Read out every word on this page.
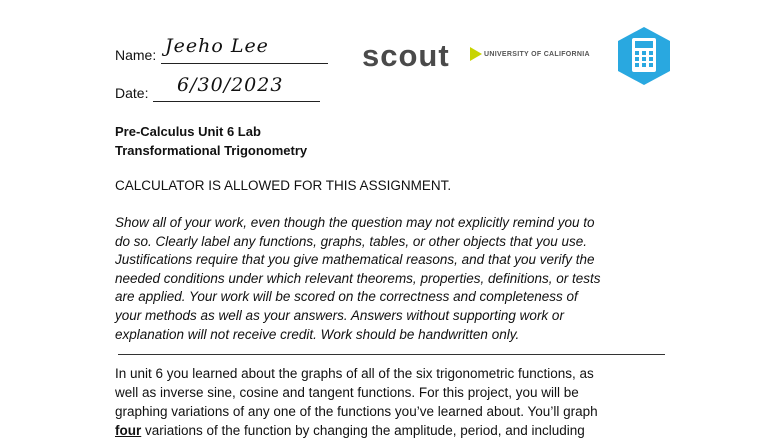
Name: Jeeho Lee
Date: 6/30/2023
scout	UNIVERSITY OF CALIFORNIA
Pre-Calculus Unit 6 Lab
Transformational Trigonometry
CALCULATOR IS ALLOWED FOR THIS ASSIGNMENT.
Show all of your work, even though the question may not explicitly remind you to
do so. Clearly label any functions, graphs, tables, or other objects that you use.
Justifications require that you give mathematical reasons, and that you verify the
needed conditions under which relevant theorems, properties, definitions, or tests
are applied. Your work will be scored on the correctness and completeness of
your methods as well as your answers. Answers without supporting work or
explanation will not receive credit. Work should be handwritten only.
In unit 6 you learned about the graphs of all of the six trigonometric functions, as
well as inverse sine, cosine and tangent functions. For this project, you will be
graphing variations of any one of the functions you’ve learned about. You’ll graph
four variations of the function by changing the amplitude, period, and including
